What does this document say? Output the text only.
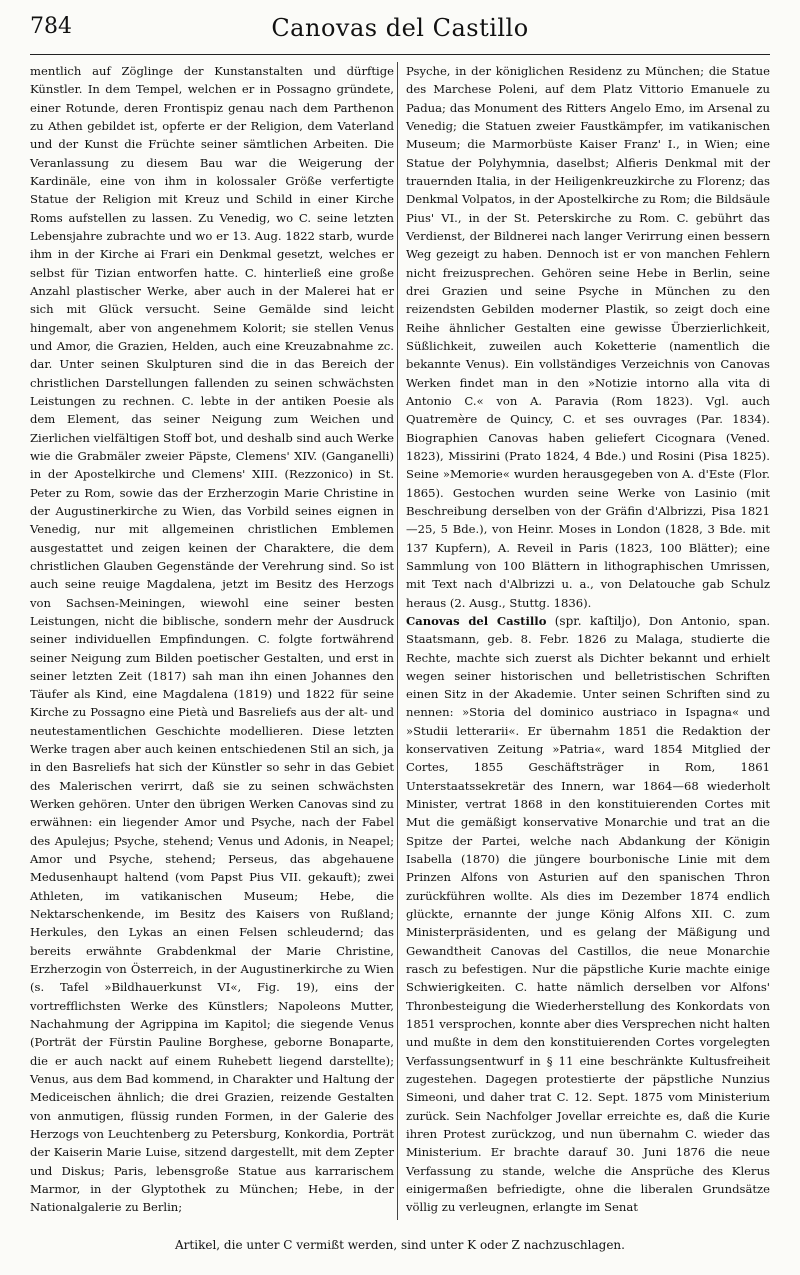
784	Canovas del Castillo

mentlich auf Zöglinge der Kunstanstalten und dürftige Künstler. In dem Tempel, welchen er in Possagno gründete, einer Rotunde, deren Frontispiz genau nach dem Parthenon zu Athen gebildet ist, opferte er der Religion, dem Vaterland und der Kunst die Früchte seiner sämtlichen Arbeiten. Die Veranlassung zu diesem Bau war die Weigerung der Kardinäle, eine von ihm in kolossaler Größe verfertigte Statue der Religion mit Kreuz und Schild in einer Kirche Roms aufstellen zu lassen. Zu Venedig, wo C. seine letzten Lebensjahre zubrachte und wo er 13. Aug. 1822 starb, wurde ihm in der Kirche ai Frari ein Denkmal gesetzt, welches er selbst für Tizian entworfen hatte. C. hinterließ eine große Anzahl plastischer Werke, aber auch in der Malerei hat er sich mit Glück versucht. Seine Gemälde sind leicht hingemalt, aber von angenehmem Kolorit; sie stellen Venus und Amor, die Grazien, Helden, auch eine Kreuzabnahme zc. dar. Unter seinen Skulpturen sind die in das Bereich der christlichen Darstellungen fallenden zu seinen schwächsten Leistungen zu rechnen. C. lebte in der antiken Poesie als dem Element, das seiner Neigung zum Weichen und Zierlichen vielfältigen Stoff bot, und deshalb sind auch Werke wie die Grabmäler zweier Päpste, Clemens' XIV. (Ganganelli) in der Apostelkirche und Clemens' XIII. (Rezzonico) in St. Peter zu Rom, sowie das der Erzherzogin Marie Christine in der Augustinerkirche zu Wien, das Vorbild seines eignen in Venedig, nur mit allgemeinen christlichen Emblemen ausgestattet und zeigen keinen der Charaktere, die dem christlichen Glauben Gegenstände der Verehrung sind. So ist auch seine reuige Magdalena, jetzt im Besitz des Herzogs von Sachsen-Meiningen, wiewohl eine seiner besten Leistungen, nicht die biblische, sondern mehr der Ausdruck seiner individuellen Empfindungen. C. folgte fortwährend seiner Neigung zum Bilden poetischer Gestalten, und erst in seiner letzten Zeit (1817) sah man ihn einen Johannes den Täufer als Kind, eine Magdalena (1819) und 1822 für seine Kirche zu Possagno eine Pietà und Basreliefs aus der alt- und neutestamentlichen Geschichte modellieren. Diese letzten Werke tragen aber auch keinen entschiedenen Stil an sich, ja in den Basreliefs hat sich der Künstler so sehr in das Gebiet des Malerischen verirrt, daß sie zu seinen schwächsten Werken gehören. Unter den übrigen Werken Canovas sind zu erwähnen: ein liegender Amor und Psyche, nach der Fabel des Apulejus; Psyche, stehend; Venus und Adonis, in Neapel; Amor und Psyche, stehend; Perseus, das abgehauene Medusenhaupt haltend (vom Papst Pius VII. gekauft); zwei Athleten, im vatikanischen Museum; Hebe, die Nektarschenkende, im Besitz des Kaisers von Rußland; Herkules, den Lykas an einen Felsen schleudernd; das bereits erwähnte Grabdenkmal der Marie Christine, Erzherzogin von Österreich, in der Augustinerkirche zu Wien (s. Tafel »Bildhauerkunst VI«, Fig. 19), eins der vortrefflichsten Werke des Künstlers; Napoleons Mutter, Nachahmung der Agrippina im Kapitol; die siegende Venus (Porträt der Fürstin Pauline Borghese, geborne Bonaparte, die er auch nackt auf einem Ruhebett liegend darstellte); Venus, aus dem Bad kommend, in Charakter und Haltung der Mediceischen ähnlich; die drei Grazien, reizende Gestalten von anmutigen, flüssig runden Formen, in der Galerie des Herzogs von Leuchtenberg zu Petersburg, Konkordia, Porträt der Kaiserin Marie Luise, sitzend dargestellt, mit dem Zepter und Diskus; Paris, lebensgroße Statue aus karrarischem Marmor, in der Glyptothek zu München; Hebe, in der Nationalgalerie zu Berlin;

Psyche, in der königlichen Residenz zu München; die Statue des Marchese Poleni, auf dem Platz Vittorio Emanuele zu Padua; das Monument des Ritters Angelo Emo, im Arsenal zu Venedig; die Statuen zweier Faustkämpfer, im vatikanischen Museum; die Marmorbüste Kaiser Franz' I., in Wien; eine Statue der Polyhymnia, daselbst; Alfieris Denkmal mit der trauernden Italia, in der Heiligenkreuzkirche zu Florenz; das Denkmal Volpatos, in der Apostelkirche zu Rom; die Bildsäule Pius' VI., in der St. Peterskirche zu Rom. C. gebührt das Verdienst, der Bildnerei nach langer Verirrung einen bessern Weg gezeigt zu haben. Dennoch ist er von manchen Fehlern nicht freizusprechen. Gehören seine Hebe in Berlin, seine drei Grazien und seine Psyche in München zu den reizendsten Gebilden moderner Plastik, so zeigt doch eine Reihe ähnlicher Gestalten eine gewisse Überzierlichkeit, Süßlichkeit, zuweilen auch Koketterie (namentlich die bekannte Venus). Ein vollständiges Verzeichnis von Canovas Werken findet man in den »Notizie intorno alla vita di Antonio C.« von A. Paravia (Rom 1823). Vgl. auch Quatremère de Quincy, C. et ses ouvrages (Par. 1834). Biographien Canovas haben geliefert Cicognara (Vened. 1823), Missirini (Prato 1824, 4 Bde.) und Rosini (Pisa 1825). Seine »Memorie« wurden herausgegeben von A. d'Este (Flor. 1865). Gestochen wurden seine Werke von Lasinio (mit Beschreibung derselben von der Gräfin d'Albrizzi, Pisa 1821—25, 5 Bde.), von Heinr. Moses in London (1828, 3 Bde. mit 137 Kupfern), A. Reveil in Paris (1823, 100 Blätter); eine Sammlung von 100 Blättern in lithographischen Umrissen, mit Text nach d'Albrizzi u. a., von Delatouche gab Schulz heraus (2. Ausg., Stuttg. 1836).

Canovas del Castillo (spr. kaſtiljo), Don Antonio, span. Staatsmann, geb. 8. Febr. 1826 zu Malaga, studierte die Rechte, machte sich zuerst als Dichter bekannt und erhielt wegen seiner historischen und belletristischen Schriften einen Sitz in der Akademie. Unter seinen Schriften sind zu nennen: »Storia del dominico austriaco in Ispagna« und »Studii letterarii«. Er übernahm 1851 die Redaktion der konservativen Zeitung »Patria«, ward 1854 Mitglied der Cortes, 1855 Geschäftsträger in Rom, 1861 Unterstaatssekretär des Innern, war 1864—68 wiederholt Minister, vertrat 1868 in den konstituierenden Cortes mit Mut die gemäßigt konservative Monarchie und trat an die Spitze der Partei, welche nach Abdankung der Königin Isabella (1870) die jüngere bourbonische Linie mit dem Prinzen Alfons von Asturien auf den spanischen Thron zurückführen wollte. Als dies im Dezember 1874 endlich glückte, ernannte der junge König Alfons XII. C. zum Ministerpräsidenten, und es gelang der Mäßigung und Gewandtheit Canovas del Castillos, die neue Monarchie rasch zu befestigen. Nur die päpstliche Kurie machte einige Schwierigkeiten. C. hatte nämlich derselben vor Alfons' Thronbesteigung die Wiederherstellung des Konkordats von 1851 versprochen, konnte aber dies Versprechen nicht halten und mußte in dem den konstituierenden Cortes vorgelegten Verfassungsentwurf in § 11 eine beschränkte Kultusfreiheit zugestehen. Dagegen protestierte der päpstliche Nunzius Simeoni, und daher trat C. 12. Sept. 1875 vom Ministerium zurück. Sein Nachfolger Jovellar erreichte es, daß die Kurie ihren Protest zurückzog, und nun übernahm C. wieder das Ministerium. Er brachte darauf 30. Juni 1876 die neue Verfassung zu stande, welche die Ansprüche des Klerus einigermaßen befriedigte, ohne die liberalen Grundsätze völlig zu verleugnen, erlangte im Senat

Artikel, die unter C vermißt werden, sind unter K oder Z nachzuschlagen.
